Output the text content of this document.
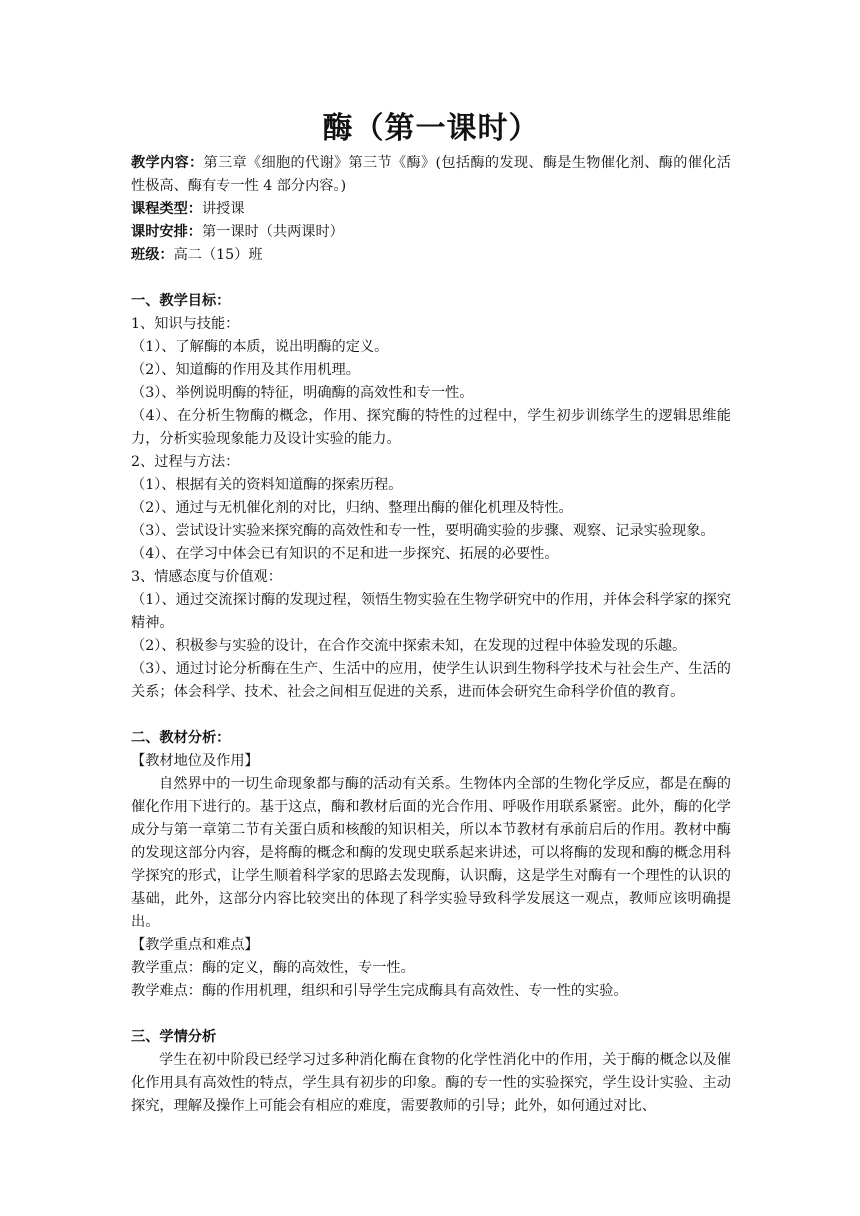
酶（第一课时）

教学内容：第三章《细胞的代谢》第三节《酶》(包括酶的发现、酶是生物催化剂、酶的催化活性极高、酶有专一性 4 部分内容。)

课程类型：讲授课

课时安排：第一课时（共两课时）

班级：高二（15）班

一、教学目标：

1、知识与技能：

（1）、了解酶的本质，说出明酶的定义。

（2）、知道酶的作用及其作用机理。

（3）、举例说明酶的特征，明确酶的高效性和专一性。

（4）、在分析生物酶的概念，作用、探究酶的特性的过程中，学生初步训练学生的逻辑思维能力，分析实验现象能力及设计实验的能力。

2、过程与方法：

（1）、根据有关的资料知道酶的探索历程。

（2）、通过与无机催化剂的对比，归纳、整理出酶的催化机理及特性。

（3）、尝试设计实验来探究酶的高效性和专一性，要明确实验的步骤、观察、记录实验现象。

（4）、在学习中体会已有知识的不足和进一步探究、拓展的必要性。

3、情感态度与价值观：

（1）、通过交流探讨酶的发现过程，领悟生物实验在生物学研究中的作用，并体会科学家的探究精神。

（2）、积极参与实验的设计，在合作交流中探索未知，在发现的过程中体验发现的乐趣。

（3）、通过讨论分析酶在生产、生活中的应用，使学生认识到生物科学技术与社会生产、生活的关系；体会科学、技术、社会之间相互促进的关系，进而体会研究生命科学价值的教育。

二、教材分析：

【教材地位及作用】

自然界中的一切生命现象都与酶的活动有关系。生物体内全部的生物化学反应，都是在酶的催化作用下进行的。基于这点，酶和教材后面的光合作用、呼吸作用联系紧密。此外，酶的化学成分与第一章第二节有关蛋白质和核酸的知识相关，所以本节教材有承前启后的作用。教材中酶的发现这部分内容，是将酶的概念和酶的发现史联系起来讲述，可以将酶的发现和酶的概念用科学探究的形式，让学生顺着科学家的思路去发现酶，认识酶，这是学生对酶有一个理性的认识的基础，此外，这部分内容比较突出的体现了科学实验导致科学发展这一观点，教师应该明确提出。

【教学重点和难点】

教学重点：酶的定义，酶的高效性，专一性。

教学难点：酶的作用机理，组织和引导学生完成酶具有高效性、专一性的实验。

三、学情分析

学生在初中阶段已经学习过多种消化酶在食物的化学性消化中的作用，关于酶的概念以及催化作用具有高效性的特点，学生具有初步的印象。酶的专一性的实验探究，学生设计实验、主动探究，理解及操作上可能会有相应的难度，需要教师的引导；此外，如何通过对比、
